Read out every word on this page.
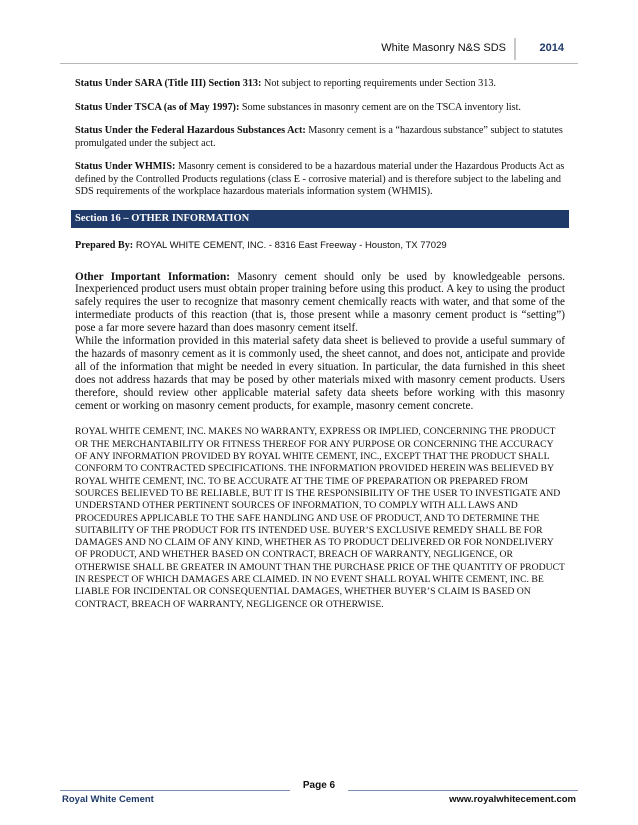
White Masonry N&S SDS	2014

Status Under SARA (Title III) Section 313: Not subject to reporting requirements under Section 313.

Status Under TSCA (as of May 1997): Some substances in masonry cement are on the TSCA inventory list.

Status Under the Federal Hazardous Substances Act: Masonry cement is a “hazardous substance” subject to statutes promulgated under the subject act.

Status Under WHMIS: Masonry cement is considered to be a hazardous material under the Hazardous Products Act as defined by the Controlled Products regulations (class E - corrosive material) and is therefore subject to the labeling and SDS requirements of the workplace hazardous materials information system (WHMIS).

Section 16 – OTHER INFORMATION

Prepared By: ROYAL WHITE CEMENT, INC. - 8316 East Freeway - Houston, TX 77029

Other Important Information: Masonry cement should only be used by knowledgeable persons. Inexperienced product users must obtain proper training before using this product. A key to using the product safely requires the user to recognize that masonry cement chemically reacts with water, and that some of the intermediate products of this reaction (that is, those present while a masonry cement product is “setting”) pose a far more severe hazard than does masonry cement itself.
While the information provided in this material safety data sheet is believed to provide a useful summary of the hazards of masonry cement as it is commonly used, the sheet cannot, and does not, anticipate and provide all of the information that might be needed in every situation. In particular, the data furnished in this sheet does not address hazards that may be posed by other materials mixed with masonry cement products. Users therefore, should review other applicable material safety data sheets before working with this masonry cement or working on masonry cement products, for example, masonry cement concrete.

ROYAL WHITE CEMENT, INC. MAKES NO WARRANTY, EXPRESS OR IMPLIED, CONCERNING THE PRODUCT OR THE MERCHANTABILITY OR FITNESS THEREOF FOR ANY PURPOSE OR CONCERNING THE ACCURACY OF ANY INFORMATION PROVIDED BY ROYAL WHITE CEMENT, INC., EXCEPT THAT THE PRODUCT SHALL CONFORM TO CONTRACTED SPECIFICATIONS. THE INFORMATION PROVIDED HEREIN WAS BELIEVED BY ROYAL WHITE CEMENT, INC. TO BE ACCURATE AT THE TIME OF PREPARATION OR PREPARED FROM SOURCES BELIEVED TO BE RELIABLE, BUT IT IS THE RESPONSIBILITY OF THE USER TO INVESTIGATE AND UNDERSTAND OTHER PERTINENT SOURCES OF INFORMATION, TO COMPLY WITH ALL LAWS AND PROCEDURES APPLICABLE TO THE SAFE HANDLING AND USE OF PRODUCT, AND TO DETERMINE THE SUITABILITY OF THE PRODUCT FOR ITS INTENDED USE. BUYER’S EXCLUSIVE REMEDY SHALL BE FOR DAMAGES AND NO CLAIM OF ANY KIND, WHETHER AS TO PRODUCT DELIVERED OR FOR NONDELIVERY OF PRODUCT, AND WHETHER BASED ON CONTRACT, BREACH OF WARRANTY, NEGLIGENCE, OR OTHERWISE SHALL BE GREATER IN AMOUNT THAN THE PURCHASE PRICE OF THE QUANTITY OF PRODUCT IN RESPECT OF WHICH DAMAGES ARE CLAIMED. IN NO EVENT SHALL ROYAL WHITE CEMENT, INC. BE LIABLE FOR INCIDENTAL OR CONSEQUENTIAL DAMAGES, WHETHER BUYER’S CLAIM IS BASED ON CONTRACT, BREACH OF WARRANTY, NEGLIGENCE OR OTHERWISE.

Page 6
Royal White Cement	www.royalwhitecement.com
